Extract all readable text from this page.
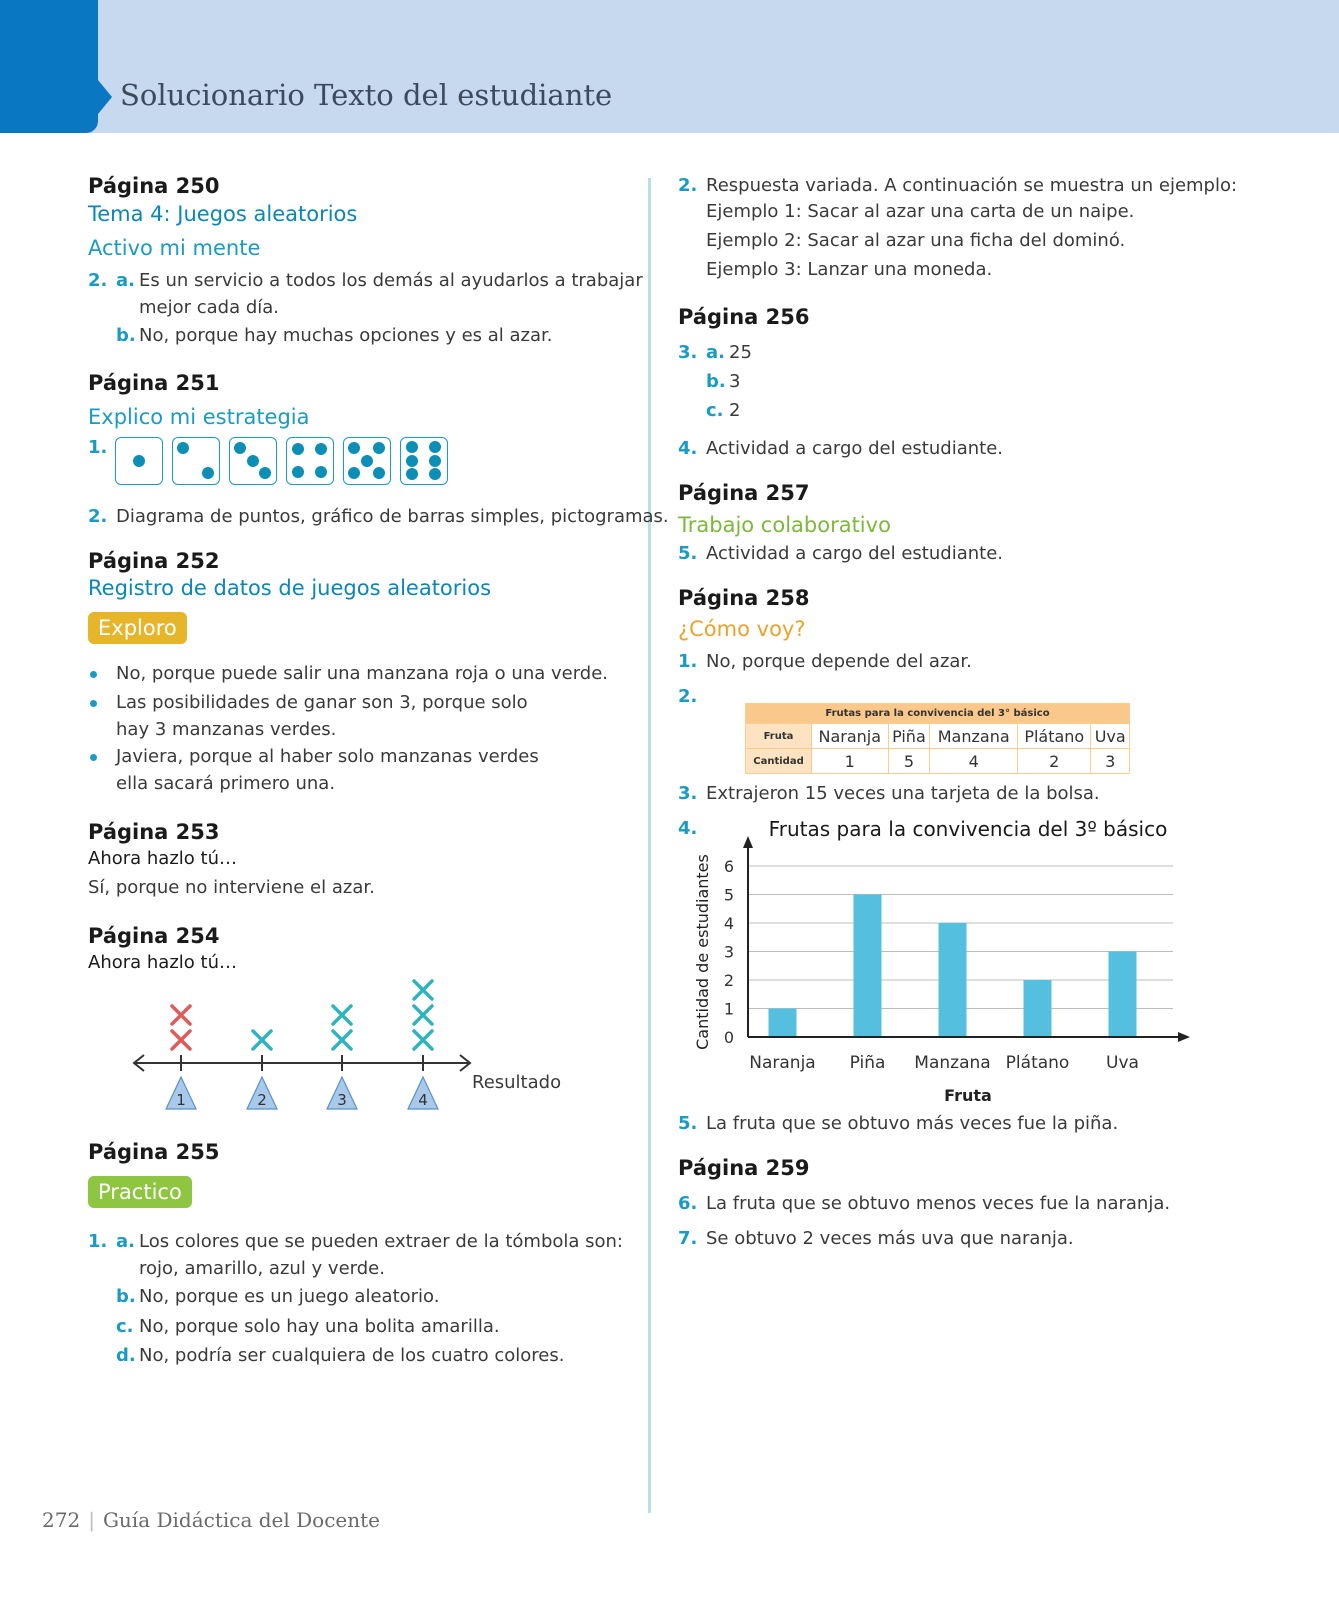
Solucionario Texto del estudiante
Página 250
Tema 4: Juegos aleatorios
Activo mi mente
2. a. Es un servicio a todos los demás al ayudarlos a trabajar
mejor cada día.
b. No, porque hay muchas opciones y es al azar.
Página 251
Explico mi estrategia
1.
2. Diagrama de puntos, gráfico de barras simples, pictogramas.
Página 252
Registro de datos de juegos aleatorios
Exploro
No, porque puede salir una manzana roja o una verde.
Las posibilidades de ganar son 3, porque solo
hay 3 manzanas verdes.
Javiera, porque al haber solo manzanas verdes
ella sacará primero una.
Página 253
Ahora hazlo tú…
Sí, porque no interviene el azar.
Página 254
Ahora hazlo tú…
1	2	3	4
Resultado
Página 255
Practico
1. a. Los colores que se pueden extraer de la tómbola son:
rojo, amarillo, azul y verde.
b. No, porque es un juego aleatorio.
c. No, porque solo hay una bolita amarilla.
d. No, podría ser cualquiera de los cuatro colores.
2. Respuesta variada. A continuación se muestra un ejemplo:
Ejemplo 1: Sacar al azar una carta de un naipe.
Ejemplo 2: Sacar al azar una ficha del dominó.
Ejemplo 3: Lanzar una moneda.
Página 256
3. a. 25
b. 3
c. 2
4. Actividad a cargo del estudiante.
Página 257
Trabajo colaborativo
5. Actividad a cargo del estudiante.
Página 258
¿Cómo voy?
1. No, porque depende del azar.
2.
Frutas para la convivencia del 3° básico					
Fruta	Naranja	Piña	Manzana	Plátano	Uva
Cantidad	1	5	4	2	3
3. Extrajeron 15 veces una tarjeta de la bolsa.
4.	Frutas para la convivencia del 3º básico
0
1
2
3
4
5
6
Naranja Piña Manzana Plátano Uva
Fruta
Cantidad de estudiantes
5. La fruta que se obtuvo más veces fue la piña.
Página 259
6. La fruta que se obtuvo menos veces fue la naranja.
7. Se obtuvo 2 veces más uva que naranja.
272 | Guía Didáctica del Docente
